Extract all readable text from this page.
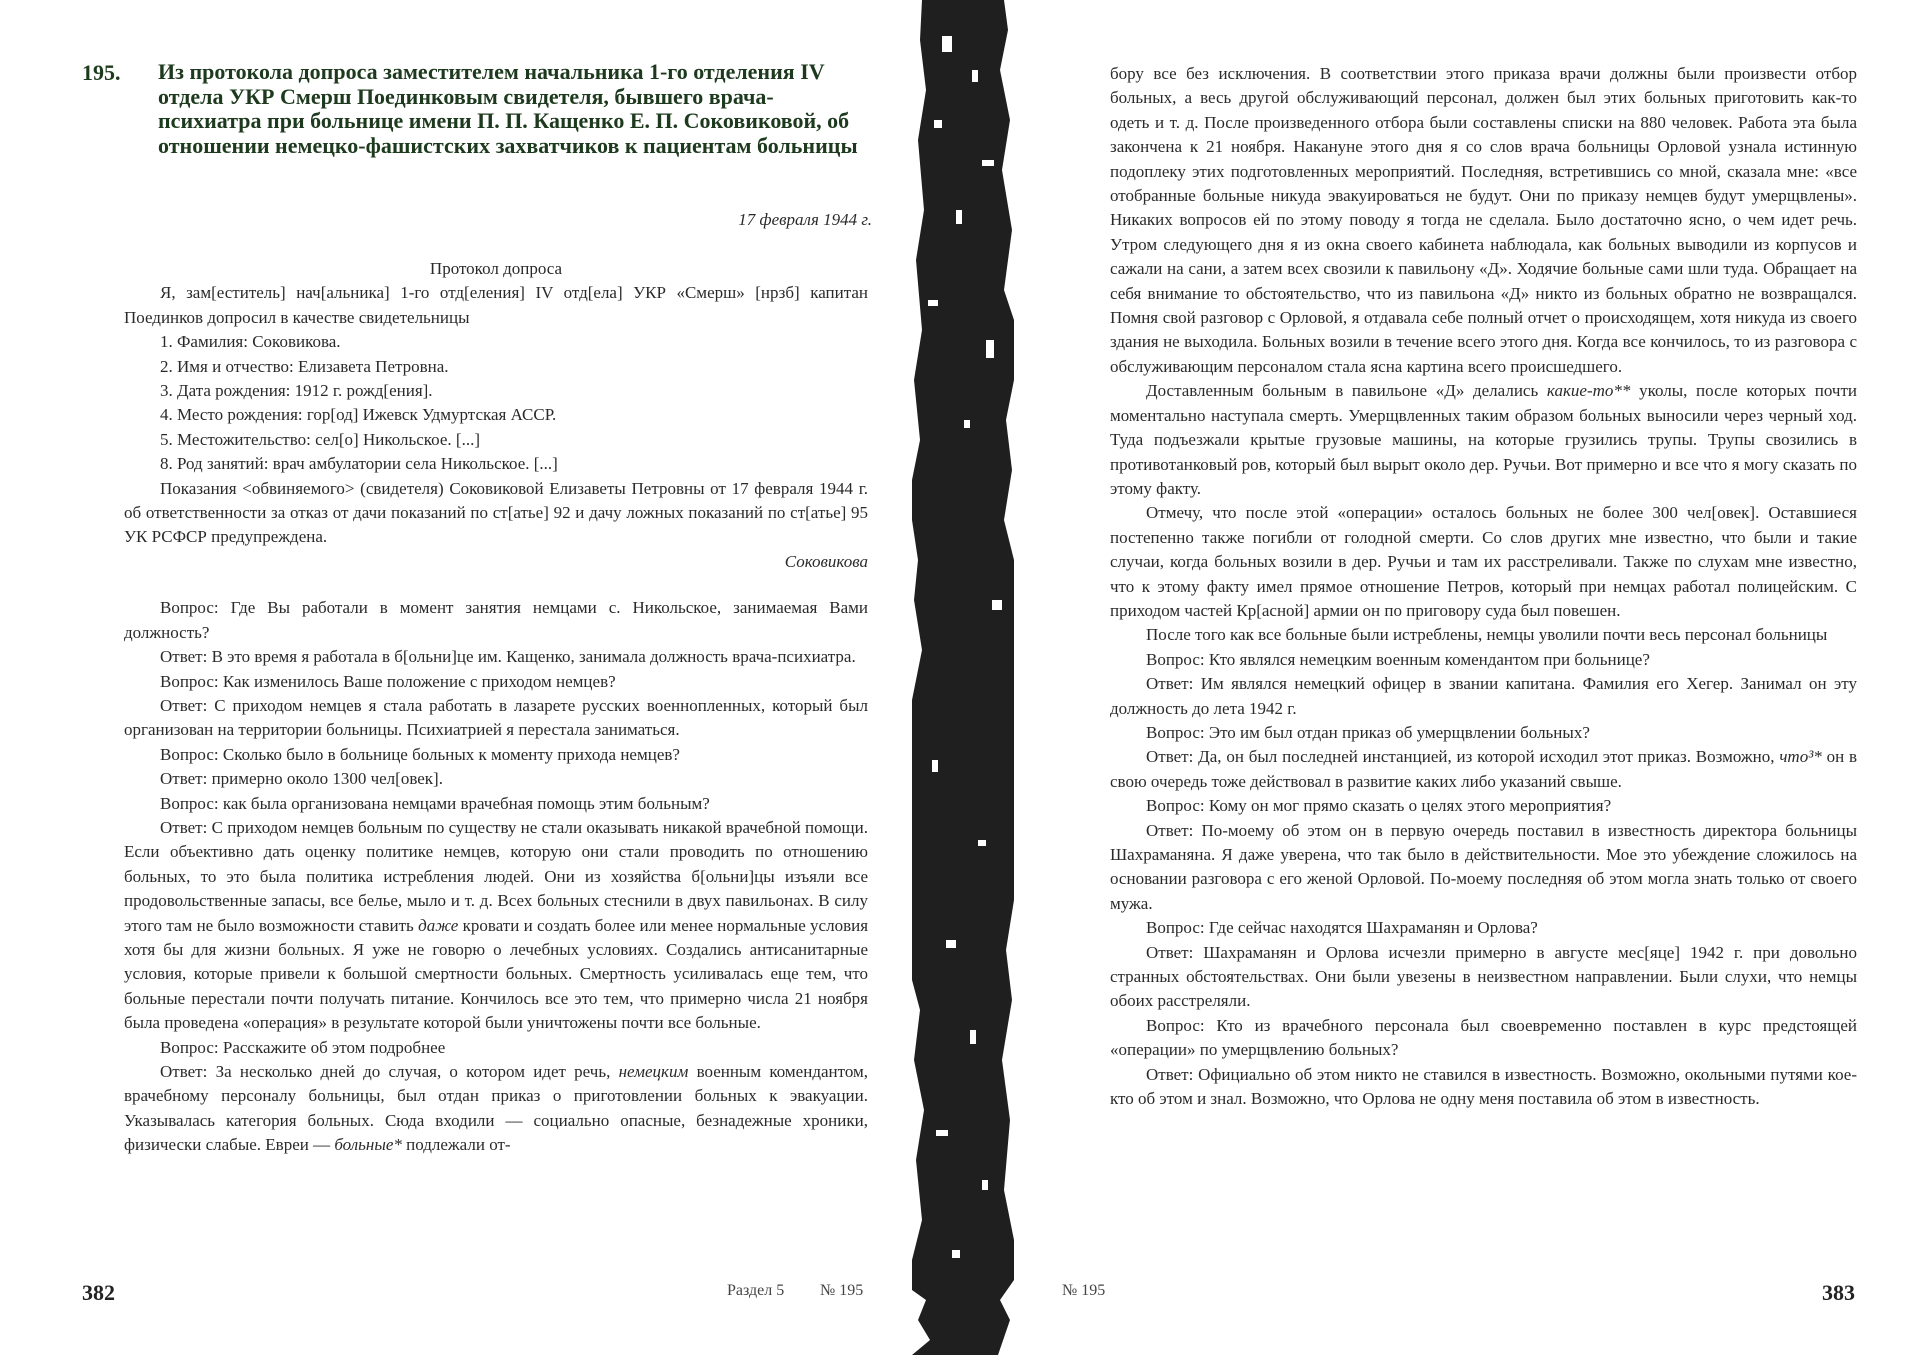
195. Из протокола допроса заместителем начальника 1-го отделения IV отдела УКР Смерш Поединковым свидетеля, бывшего врача-психиатра при больнице имени П. П. Кащенко Е. П. Соковиковой, об отношении немецко-фашистских захватчиков к пациентам больницы
17 февраля 1944 г.

Протокол допроса

Я, зам[еститель] нач[альника] 1-го отд[еления] IV отд[ела] УКР «Смерш» [нрзб] капитан Поединков допросил в качестве свидетельницы

1. Фамилия: Соковикова.

2. Имя и отчество: Елизавета Петровна.

3. Дата рождения: 1912 г. рожд[ения].

4. Место рождения: гор[од] Ижевск Удмуртская АССР.

5. Местожительство: сел[о] Никольское. [...]

8. Род занятий: врач амбулатории села Никольское. [...]

Показания <обвиняемого> (свидетеля) Соковиковой Елизаветы Петровны от 17 февраля 1944 г. об ответственности за отказ от дачи показаний по ст[атье] 92 и дачу ложных показаний по ст[атье] 95 УК РСФСР предупреждена.

Соковикова

Вопрос: Где Вы работали в момент занятия немцами с. Никольское, занимаемая Вами должность?

Ответ: В это время я работала в б[ольни]це им. Кащенко, занимала должность врача-психиатра.

Вопрос: Как изменилось Ваше положение с приходом немцев?

Ответ: С приходом немцев я стала работать в лазарете русских военнопленных, который был организован на территории больницы. Психиатрией я перестала заниматься.

Вопрос: Сколько было в больнице больных к моменту прихода немцев?

Ответ: примерно около 1300 чел[овек].

Вопрос: как была организована немцами врачебная помощь этим больным?

Ответ: С приходом немцев больным по существу не стали оказывать никакой врачебной помощи. Если объективно дать оценку политике немцев, которую они стали проводить по отношению больных, то это была политика истребления людей. Они из хозяйства б[ольни]цы изъяли все продовольственные запасы, все белье, мыло и т. д. Всех больных стеснили в двух павильонах. В силу этого там не было возможности ставить даже кровати и создать более или менее нормальные условия хотя бы для жизни больных. Я уже не говорю о лечебных условиях. Создались антисанитарные условия, которые привели к большой смертности больных. Смертность усиливалась еще тем, что больные перестали почти получать питание. Кончилось все это тем, что примерно числа 21 ноября была проведена «операция» в результате которой были уничтожены почти все больные.

Вопрос: Расскажите об этом подробнее

Ответ: За несколько дней до случая, о котором идет речь, немецким военным комендантом, врачебному персоналу больницы, был отдан приказ о приготовлении больных к эвакуации. Указывалась категория больных. Сюда входили — социально опасные, безнадежные хроники, физически слабые. Евреи — больные* подлежали от-

382	Раздел 5 № 195

бору все без исключения. В соответствии этого приказа врачи должны были произвести отбор больных, а весь другой обслуживающий персонал, должен был этих больных приготовить как-то одеть и т. д. После произведенного отбора были составлены списки на 880 человек. Работа эта была закончена к 21 ноября. Накануне этого дня я со слов врача больницы Орловой узнала истинную подоплеку этих подготовленных мероприятий. Последняя, встретившись со мной, сказала мне: «все отобранные больные никуда эвакуироваться не будут. Они по приказу немцев будут умерщвлены». Никаких вопросов ей по этому поводу я тогда не сделала. Было достаточно ясно, о чем идет речь. Утром следующего дня я из окна своего кабинета наблюдала, как больных выводили из корпусов и сажали на сани, а затем всех свозили к павильону «Д». Ходячие больные сами шли туда. Обращает на себя внимание то обстоятельство, что из павильона «Д» никто из больных обратно не возвращался. Помня свой разговор с Орловой, я отдавала себе полный отчет о происходящем, хотя никуда из своего здания не выходила. Больных возили в течение всего этого дня. Когда все кончилось, то из разговора с обслуживающим персоналом стала ясна картина всего происшедшего.

Доставленным больным в павильоне «Д» делались какие-то** уколы, после которых почти моментально наступала смерть. Умерщвленных таким образом больных выносили через черный ход. Туда подъезжали крытые грузовые машины, на которые грузились трупы. Трупы свозились в противотанковый ров, который был вырыт около дер. Ручьи. Вот примерно и все что я могу сказать по этому факту.

Отмечу, что после этой «операции» осталось больных не более 300 чел[овек]. Оставшиеся постепенно также погибли от голодной смерти. Со слов других мне известно, что были и такие случаи, когда больных возили в дер. Ручьи и там их расстреливали. Также по слухам мне известно, что к этому факту имел прямое отношение Петров, который при немцах работал полицейским. С приходом частей Кр[асной] армии он по приговору суда был повешен.

После того как все больные были истреблены, немцы уволили почти весь персонал больницы

Вопрос: Кто являлся немецким военным комендантом при больнице?

Ответ: Им являлся немецкий офицер в звании капитана. Фамилия его Хегер. Занимал он эту должность до лета 1942 г.

Вопрос: Это им был отдан приказ об умерщвлении больных?

Ответ: Да, он был последней инстанцией, из которой исходил этот приказ. Возможно, что³* он в свою очередь тоже действовал в развитие каких либо указаний свыше.

Вопрос: Кому он мог прямо сказать о целях этого мероприятия?

Ответ: По-моему об этом он в первую очередь поставил в известность директора больницы Шахраманяна. Я даже уверена, что так было в действительности. Мое это убеждение сложилось на основании разговора с его женой Орловой. По-моему последняя об этом могла знать только от своего мужа.

Вопрос: Где сейчас находятся Шахраманян и Орлова?

Ответ: Шахраманян и Орлова исчезли примерно в августе мес[яце] 1942 г. при довольно странных обстоятельствах. Они были увезены в неизвестном направлении. Были слухи, что немцы обоих расстреляли.

Вопрос: Кто из врачебного персонала был своевременно поставлен в курс предстоящей «операции» по умерщвлению больных?

Ответ: Официально об этом никто не ставился в известность. Возможно, окольными путями кое-кто об этом и знал. Возможно, что Орлова не одну меня поставила об этом в известность.

№ 195	383
